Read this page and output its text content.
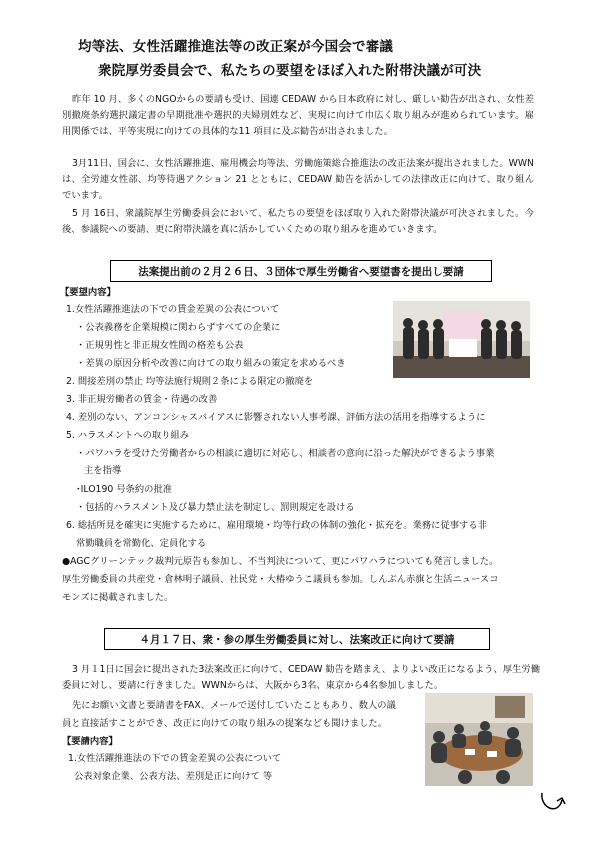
均等法、女性活躍推進法等の改正案が今国会で審議
衆院厚労委員会で、私たちの要望をほぼ入れた附帯決議が可決
昨年 10 月、多くのNGOからの要請も受け、国連 CEDAW から日本政府に対し、厳しい勧告が出され、女性差別撤廃条約選択議定書の早期批准や選択的夫婦別姓など、実現に向けて巾広く取り組みが進められています。雇用関係では、平等実現に向けての具体的な11 項目に及ぶ勧告が出されました。
3月11日、国会に、女性活躍推進、雇用機会均等法、労働施策総合推進法の改正法案が提出されました。WWN は、全労連女性部、均等待遇アクション 21 とともに、CEDAW 勧告を活かしての法律改正に向けて、取り組んでいます。
5 月 16日、衆議院厚生労働委員会において、私たちの要望をほぼ取り入れた附帯決議が可決されました。今後、参議院への要請、更に附帯決議を真に活かしていくための取り組みを進めていきます。
法案提出前の２月２６日、３団体で厚生労働省へ要望書を提出し要請
【要望内容】
1.女性活躍推進法の下での賃金差異の公表について
・公表義務を企業規模に関わらずすべての企業に
・正規男性と非正規女性間の格差も公表
・差異の原因分析や改善に向けての取り組みの策定を求めるべき
2. 間接差別の禁止 均等法施行規則２条による限定の撤廃を
3. 非正規労働者の賃金・待遇の改善
4. 差別のない、アンコンシャスバイアスに影響されない人事考課、評価方法の活用を指導するように
5. ハラスメントへの取り組み
・パワハラを受けた労働者からの相談に適切に対応し、相談者の意向に沿った解決ができるよう事業
主を指導
･ILO190 号条約の批准
・包括的ハラスメント及び暴力禁止法を制定し、罰則規定を設ける
6. 総括所見を確実に実施するために、雇用環境・均等行政の体制の強化・拡充を。業務に従事する非
常勤職員を常勤化、定員化する
●AGCグリーンテック裁判元原告も参加し、不当判決について、更にパワハラについても発言しました。
厚生労働委員の共産党・倉林明子議員、社民党・大椿ゆうこ議員も参加。しんぶん赤旗と生活ニュースコ
モンズに掲載されました。
４月１７日、衆・参の厚生労働委員に対し、法案改正に向けて要請
3 月１1日に国会に提出された3法案改正に向けて、CEDAW 勧告を踏まえ、よりよい改正になるよう、厚生労働委員に対し、要請に行きました。WWNからは、大阪から3名、東京から4名参加しました。
先にお願い文書と要請書をFAX、メールで送付していたこともあり、数人の議
員と直接話すことができ、改正に向けての取り組みの提案なども聞けました。
【要請内容】
1.女性活躍推進法の下での賃金差異の公表について
公表対象企業、公表方法、差別是正に向けて 等
